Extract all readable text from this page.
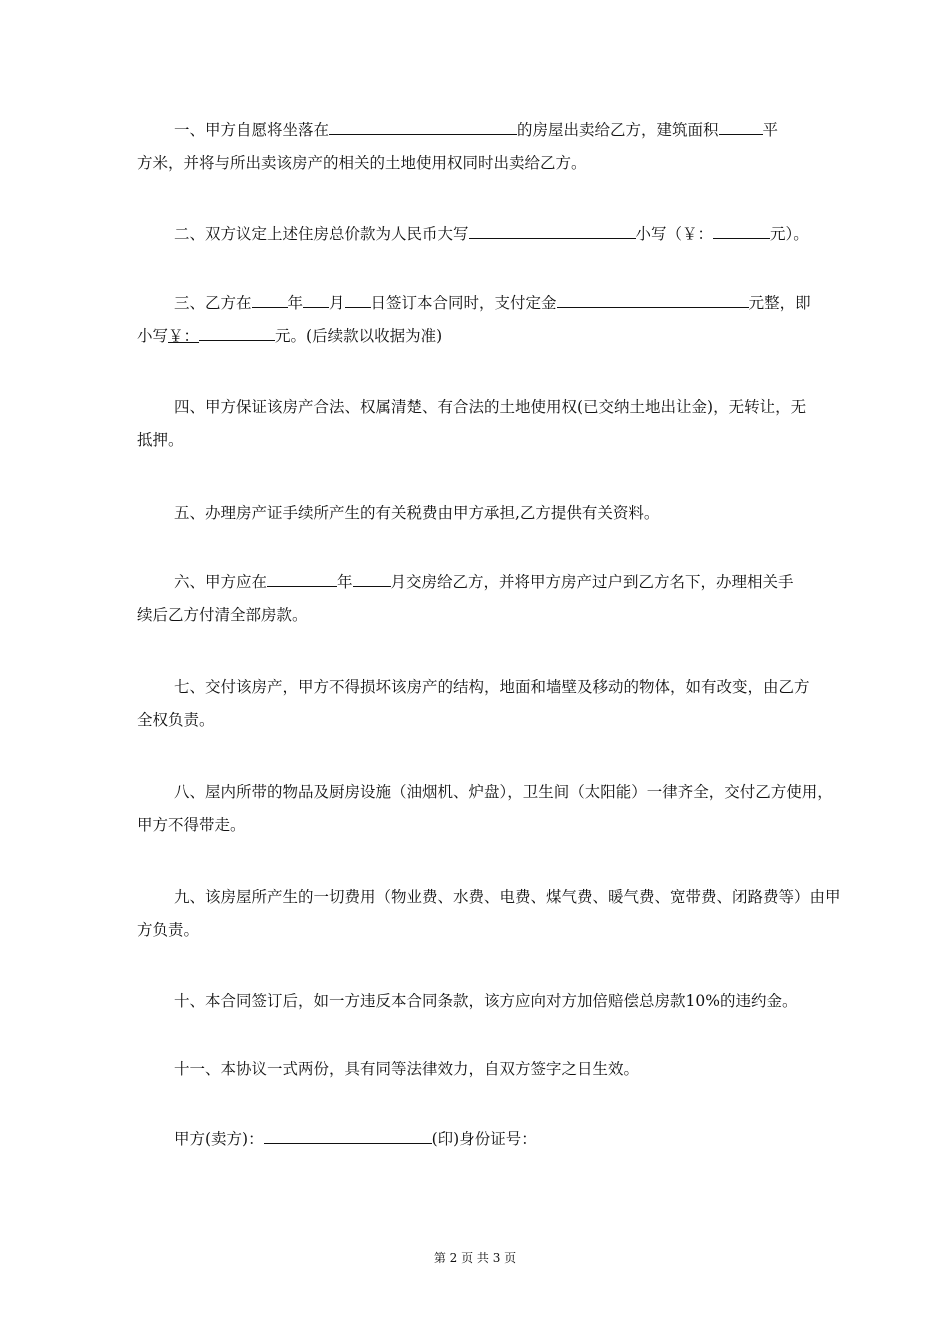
一、甲方自愿将坐落在	的房屋出卖给乙方，建筑面积	平
方米，并将与所出卖该房产的相关的土地使用权同时出卖给乙方。
二、双方议定上述住房总价款为人民币大写	小写（￥：	元）。
三、乙方在 年 月 日签订本合同时，支付定金	元整，即
小写￥：	元。(后续款以收据为准)
四、甲方保证该房产合法、权属清楚、有合法的土地使用权(已交纳土地出让金)，无转让，无
抵押。
五、办理房产证手续所产生的有关税费由甲方承担,乙方提供有关资料。
六、甲方应在	年 月交房给乙方，并将甲方房产过户到乙方名下，办理相关手
续后乙方付清全部房款。
七、交付该房产，甲方不得损坏该房产的结构，地面和墙壁及移动的物体，如有改变，由乙方
全权负责。
八、屋内所带的物品及厨房设施（油烟机、炉盘），卫生间（太阳能）一律齐全，交付乙方使用，
甲方不得带走。
九、该房屋所产生的一切费用（物业费、水费、电费、煤气费、暖气费、宽带费、闭路费等）由甲
方负责。
十、本合同签订后，如一方违反本合同条款，该方应向对方加倍赔偿总房款10%的违约金。
十一、本协议一式两份，具有同等法律效力，自双方签字之日生效。
甲方(卖方)：	(印)身份证号：
第 2 页 共 3 页
